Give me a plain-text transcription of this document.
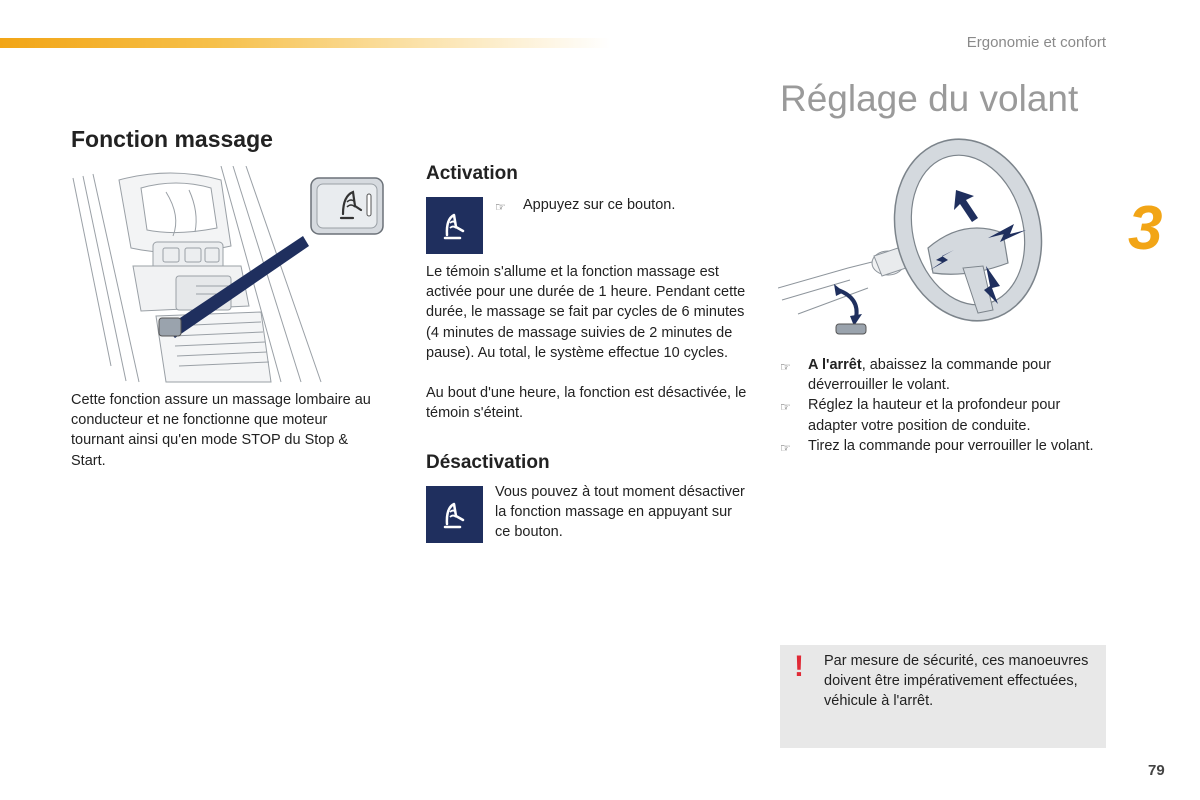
Ergonomie et confort
3
Fonction massage
Cette fonction assure un massage lombaire au conducteur et ne fonctionne que moteur tournant ainsi qu'en mode STOP du Stop & Start.
Activation
☞	Appuyez sur ce bouton.
Le témoin s'allume et la fonction massage est activée pour une durée de 1 heure. Pendant cette durée, le massage se fait par cycles de 6 minutes (4 minutes de massage suivies de 2 minutes de pause). Au total, le système effectue 10 cycles.
Au bout d'une heure, la fonction est désactivée, le témoin s'éteint.
Désactivation
Vous pouvez à tout moment désactiver la fonction massage en appuyant sur ce bouton.
Réglage du volant
☞	A l'arrêt, abaissez la commande pour déverrouiller le volant.
☞	Réglez la hauteur et la profondeur pour adapter votre position de conduite.
☞	Tirez la commande pour verrouiller le volant.
! Par mesure de sécurité, ces manoeuvres doivent être impérativement effectuées, véhicule à l'arrêt.
79
